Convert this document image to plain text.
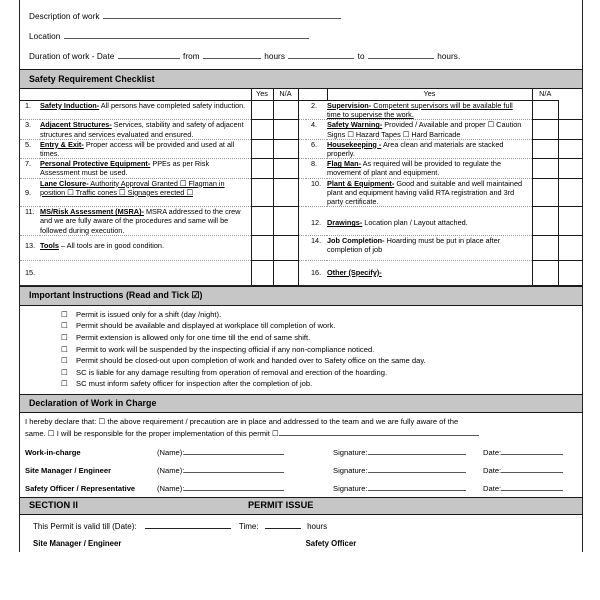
Description of work
Location
Duration of work - Date	from	hours	to	hours.
Safety Requirement Checklist
		Yes	N/A			Yes	N/A	
1.	Safety Induction- All persons have completed safety induction.				2.	Supervision- Competent supervisors will be available full time to supervise the work.		
3.	Adjacent Structures- Services, stability and safety of adjacent structures and services evaluated and ensured.				4.	Safety Warning- Provided / Available and proper ☐ Caution Signs ☐ Hazard Tapes ☐ Hard Barricade		
5.	Entry & Exit- Proper access will be provided and used at all times.				6.	Housekeeping - Area clean and materials are stacked properly.		
7.	Personal Protective Equipment- PPEs as per Risk Assessment must be used.				8.	Flag Man- As required will be provided to regulate the movement of plant and equipment.		
9.	Lane Closure- Authority Approval Granted ☐ Flagman in position ☐ Traffic cones ☐ Signages erected ☐				10.	Plant & Equipment- Good and suitable and well maintained plant and equipment having valid RTA registration and 3rd party certificate.		
11.	MS/Risk Assessment (MSRA)- MSRA addressed to the crew and we are fully aware of the procedures and same will be followed during execution.				12.	Drawings- Location plan / Layout attached.		
13.	Tools – All tools are in good condition.				14.	Job Completion- Hoarding must be put in place after completion of job		
15.					16.	Other (Specify)-		
Important Instructions (Read and Tick ☑)
☐ Permit is issued only for a shift (day /night).
☐ Permit should be available and displayed at workplace till completion of work.
☐ Permit extension is allowed only for one time till the end of same shift.
☐ Permit to work will be suspended by the inspecting official if any non-compliance noticed.
☐ Permit should be closed-out upon completion of work and handed over to Safety office on the same day.
☐ SC is liable for any damage resulting from operation of removal and erection of the hoarding.
☐ SC must inform safety officer for inspection after the completion of job.
Declaration of Work in Charge
I hereby declare that: ☐ the above requirement / precaution are in place and addressed to the team and we are fully aware of the
same. ☐ I will be responsible for the proper implementation of this permit ☐
Work-in-charge	(Name):	Signature:	Date:
Site Manager / Engineer	(Name):	Signature:	Date:
Safety Officer / Representative	(Name):	Signature:	Date:
SECTION II	PERMIT ISSUE
This Permit is valid till (Date):	Time:	hours
Site Manager / Engineer	Safety Officer
